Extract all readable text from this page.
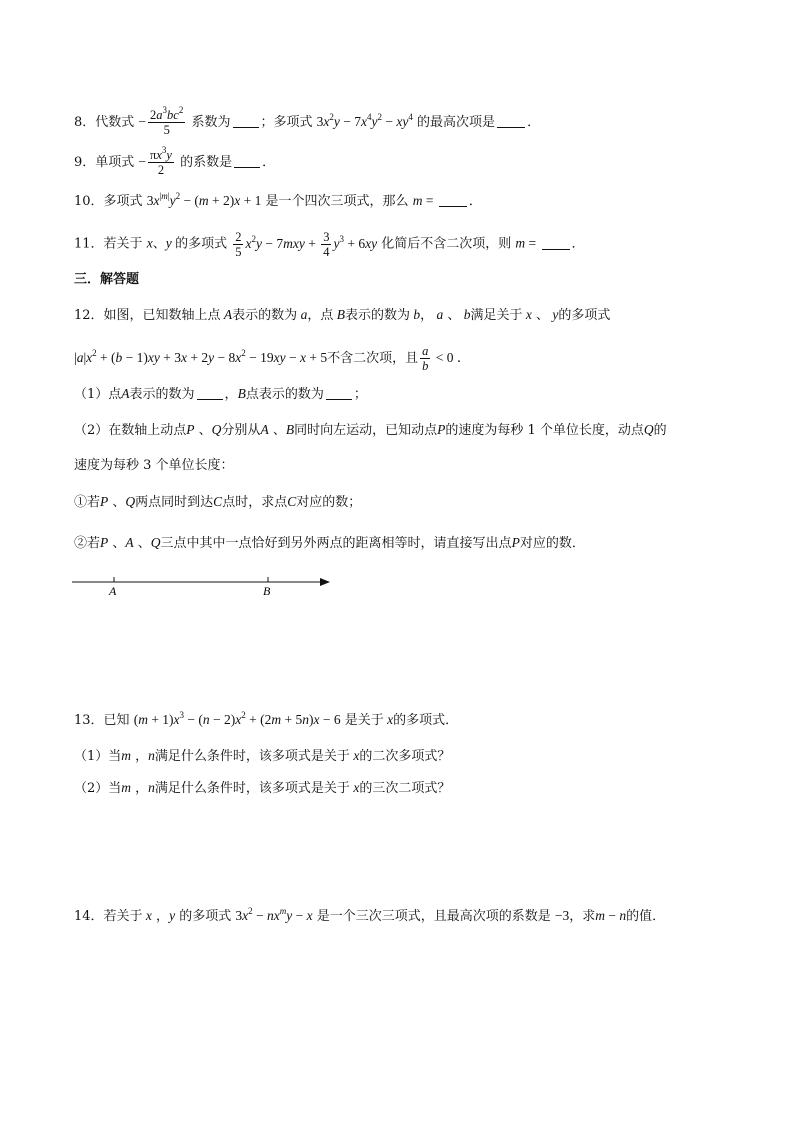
8．代数式 − $\frac{2a^3bc^2}{5}$ 系数为 ；多项式 $3x^2y - 7x^4y^2 - xy^4$ 的最高次项是 ．
9．单项式 − $\frac{\pi x^3y}{2}$ 的系数是 ．
10．多项式 $3x^{|m|}y^2 - (m + 2)x + 1$ 是一个四次三项式，那么 m = ．
11．若关于 x、y 的多项式 $\frac{2}{5} x^2y - 7mxy + \frac{3}{4} y^3 + 6xy$ 化简后不含二次项，则 m = ．
三．解答题
12．如图，已知数轴上点 A表示的数为 a，点 B表示的数为 b， a 、 b满足关于 x 、 y的多项式
$|a|x^2 + (b - 1)xy + 3x + 2y - 8x^2 - 19xy - x + 5$不含二次项，且 $\frac{a}{b} < 0$ ．
（1）点A表示的数为 ，B点表示的数为 ；
（2）在数轴上动点P 、Q分别从A 、B同时向左运动，已知动点P的速度为每秒 1 个单位长度，动点Q的
速度为每秒 3 个单位长度：
①若P 、Q两点同时到达C点时，求点C对应的数；
②若P 、A 、Q三点中其中一点恰好到另外两点的距离相等时，请直接写出点P对应的数．
A	B
13．已知 $(m + 1)x^3 - (n - 2)x^2 + (2m + 5n)x - 6$ 是关于 x的多项式．
（1）当m ，n满足什么条件时，该多项式是关于 x的二次多项式？
（2）当m ，n满足什么条件时，该多项式是关于 x的三次二项式？
14．若关于 x ，y 的多项式 $3x^2 - nx^my - x$ 是一个三次三项式，且最高次项的系数是 −3，求m − n的值．
